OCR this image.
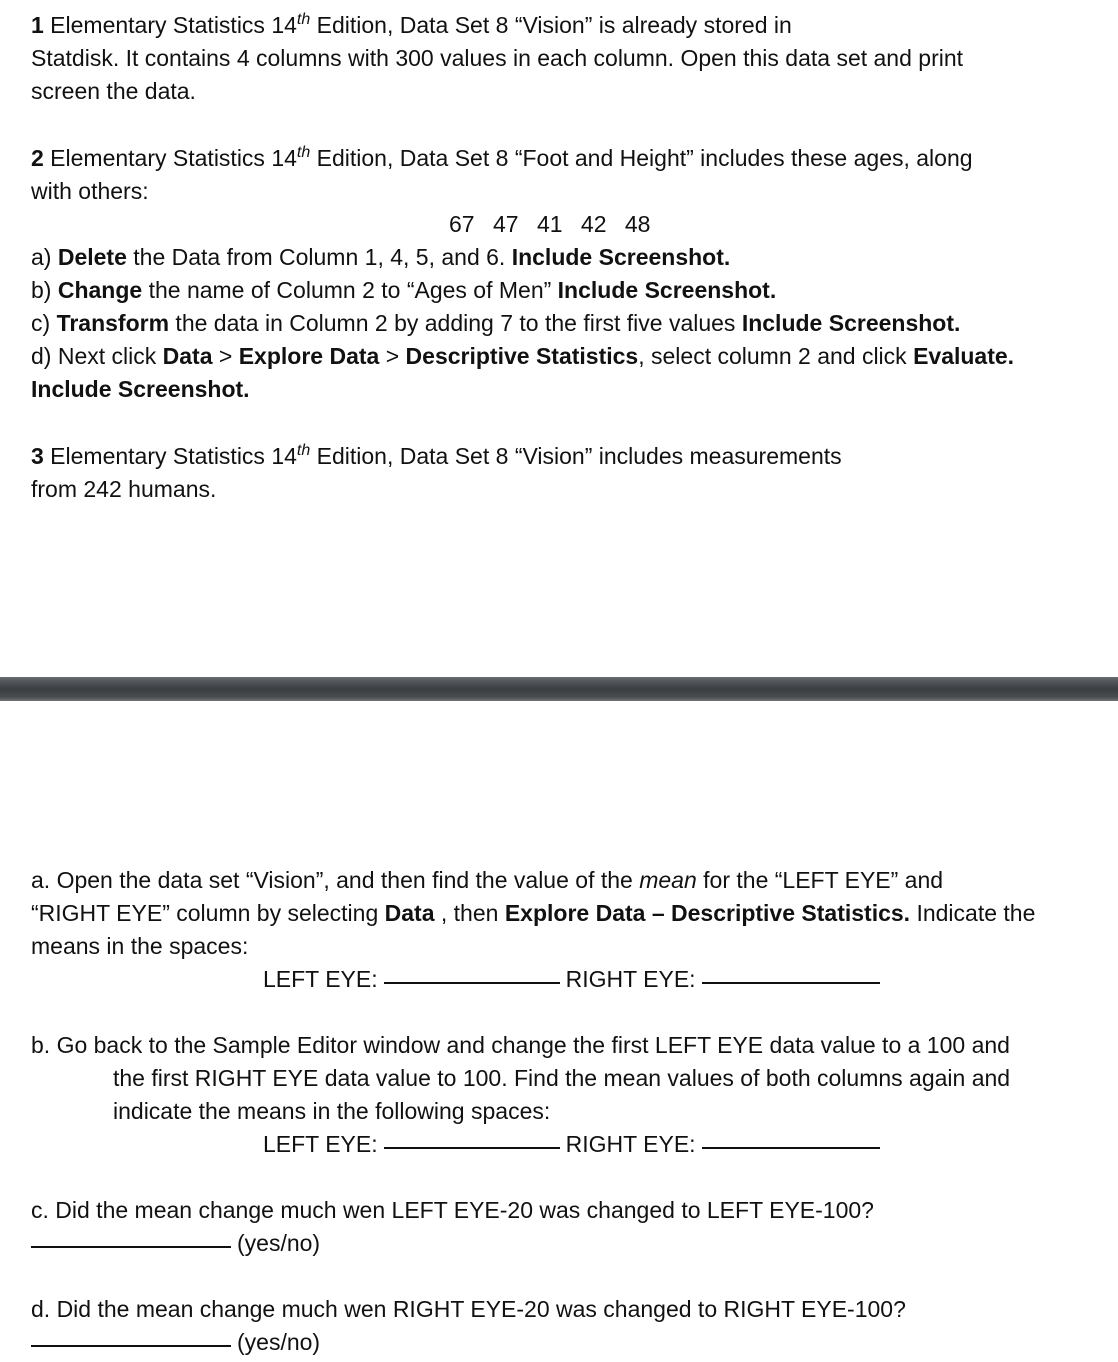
1 Elementary Statistics 14th Edition, Data Set 8 “Vision” is already stored in

Statdisk. It contains 4 columns with 300 values in each column. Open this data set and print

screen the data.

2 Elementary Statistics 14th Edition, Data Set 8 “Foot and Height” includes these ages, along

with others:

67 47 41 42 48

a) Delete the Data from Column 1, 4, 5, and 6. Include Screenshot.

b) Change the name of Column 2 to “Ages of Men” Include Screenshot.

c) Transform the data in Column 2 by adding 7 to the first five values Include Screenshot.

d) Next click Data > Explore Data > Descriptive Statistics, select column 2 and click Evaluate.

Include Screenshot.

3 Elementary Statistics 14th Edition, Data Set 8 “Vision” includes measurements

from 242 humans.

a. Open the data set “Vision”, and then find the value of the mean for the “LEFT EYE” and

“RIGHT EYE” column by selecting Data , then Explore Data – Descriptive Statistics. Indicate the

means in the spaces:

LEFT EYE:	RIGHT EYE:

b. Go back to the Sample Editor window and change the first LEFT EYE data value to a 100 and

the first RIGHT EYE data value to 100. Find the mean values of both columns again and

indicate the means in the following spaces:

LEFT EYE:	RIGHT EYE:

c. Did the mean change much wen LEFT EYE-20 was changed to LEFT EYE-100?

(yes/no)

d. Did the mean change much wen RIGHT EYE-20 was changed to RIGHT EYE-100?

(yes/no)
